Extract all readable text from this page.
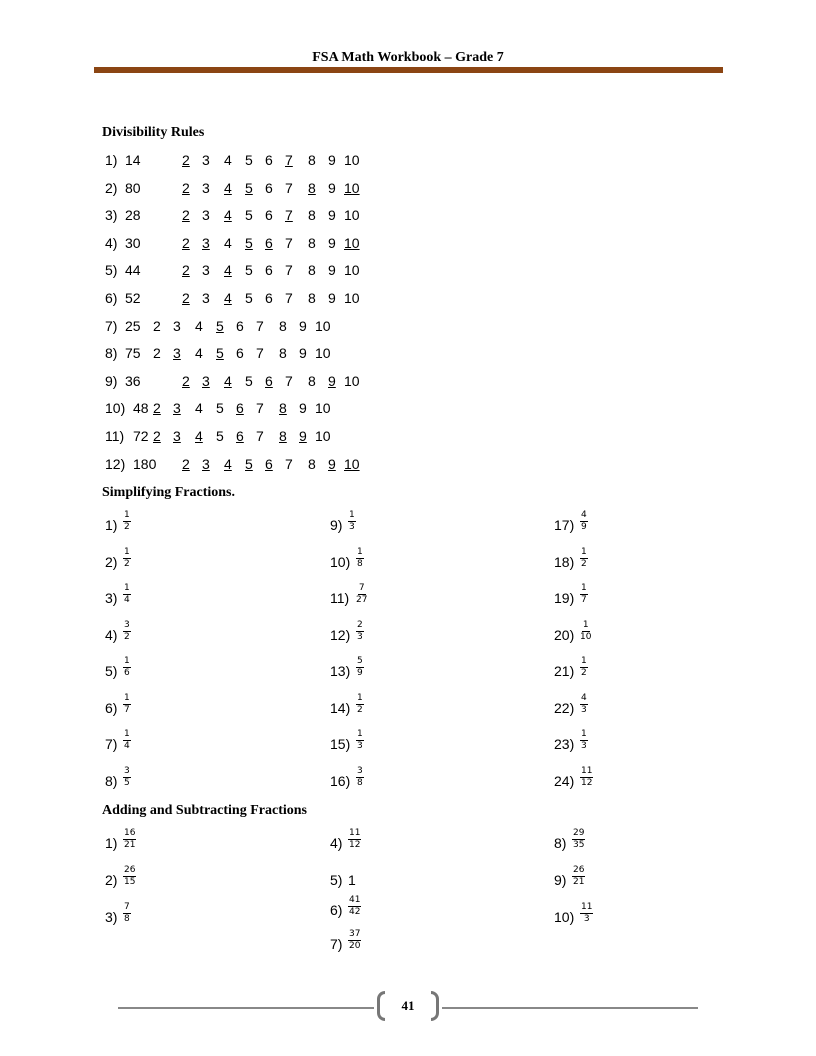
FSA Math Workbook – Grade 7
Divisibility Rules
1) 14	2 3 4 5 6 7 8 9 10
2) 80	2 3 4 5 6 7 8 9 10
3) 28	2 3 4 5 6 7 8 9 10
4) 30	2 3 4 5 6 7 8 9 10
5) 44	2 3 4 5 6 7 8 9 10
6) 52	2 3 4 5 6 7 8 9 10
7) 25 2 3 4 5 6 7 8 9 10
8) 75 2 3 4 5 6 7 8 9 10
9) 36	2 3 4 5 6 7 8 9 10
10) 48 2 3 4 5 6 7 8 9 10
11) 72 2 3 4 5 6 7 8 9 10
12) 180 2 3 4 5 6 7 8 9 10
Simplifying Fractions.
$1) \frac{1}{2}$
$2) \frac{1}{2}$
$3) \frac{1}{4}$
$4) \frac{3}{2}$
$5) \frac{1}{6}$
$6) \frac{1}{7}$
$7) \frac{1}{4}$
$8) \frac{3}{5}$
$9) \frac{1}{3}$
$10) \frac{1}{8}$
$11) \frac{7}{27}$
$12) \frac{2}{3}$
$13) \frac{5}{9}$
$14) \frac{1}{2}$
$15) \frac{1}{3}$
$16) \frac{3}{8}$
$17) \frac{4}{9}$
$18) \frac{1}{2}$
$19) \frac{1}{7}$
$20) \frac{1}{10}$
$21) \frac{1}{2}$
$22) \frac{4}{3}$
$23) \frac{1}{3}$
$24) \frac{11}{12}$
Adding and Subtracting Fractions
$1) \frac{16}{21}$
$2) \frac{26}{15}$
$3) \frac{7}{8}$
$4) \frac{11}{12}$
5) 1
$6) \frac{41}{42}$
$7) \frac{37}{20}$
$8) \frac{29}{35}$
$9) \frac{26}{21}$
$10) \frac{11}{3}$
41
